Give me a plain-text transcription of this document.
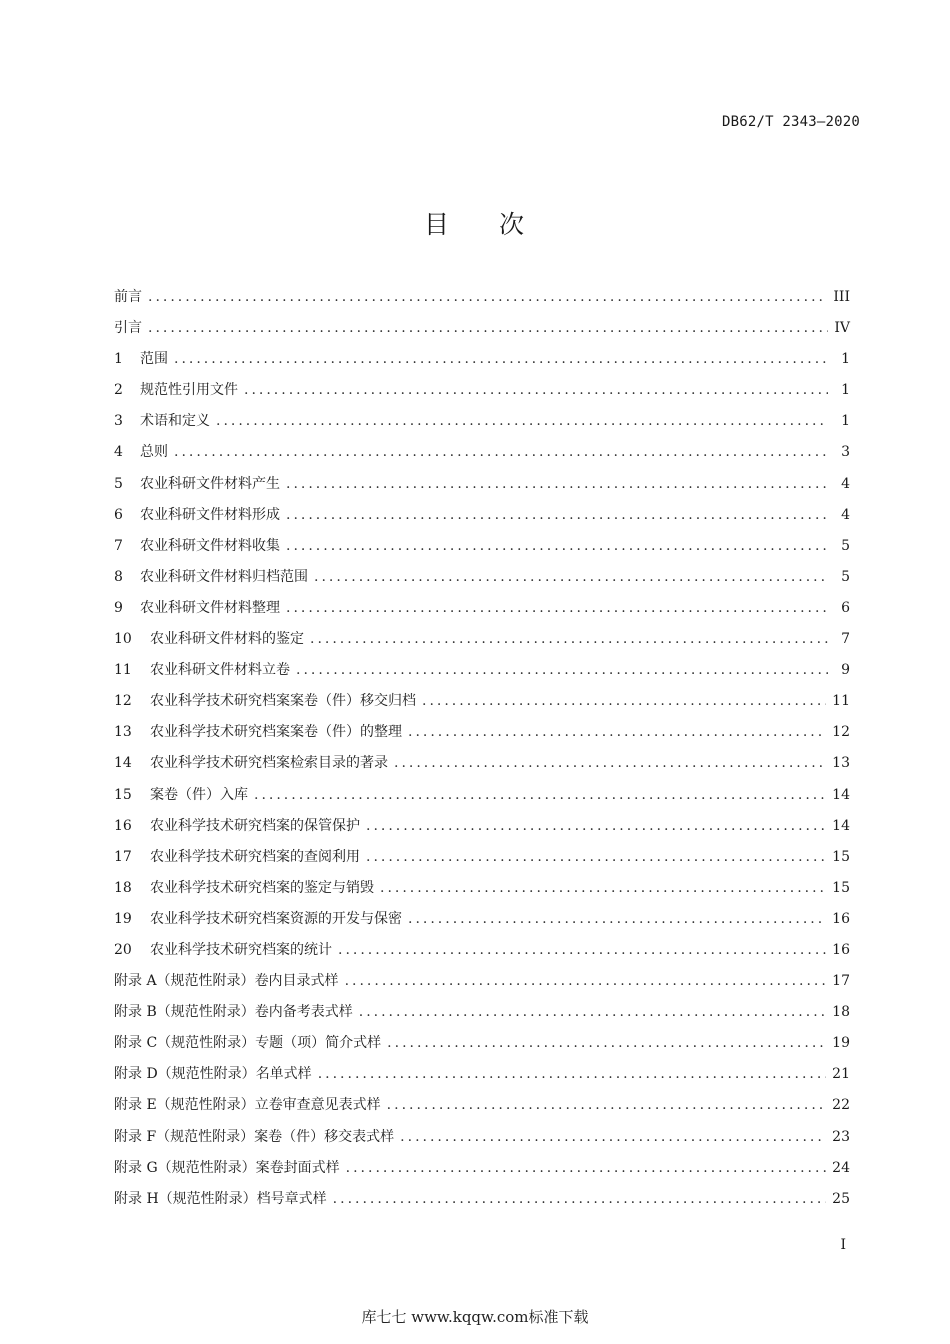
DB62/T 2343—2020
目 次
前言 .....	III
引言 .....	IV
1	范围 .....	1
2	规范性引用文件 .....	1
3	术语和定义 .....	1
4	总则 .....	3
5	农业科研文件材料产生 .....	4
6	农业科研文件材料形成 .....	4
7	农业科研文件材料收集 .....	5
8	农业科研文件材料归档范围 .....	5
9	农业科研文件材料整理 .....	6
10	农业科研文件材料的鉴定 .....	7
11	农业科研文件材料立卷 .....	9
12	农业科学技术研究档案案卷（件）移交归档 .....	11
13	农业科学技术研究档案案卷（件）的整理 .....	12
14	农业科学技术研究档案检索目录的著录 .....	13
15	案卷（件）入库 .....	14
16	农业科学技术研究档案的保管保护 .....	14
17	农业科学技术研究档案的查阅利用 .....	15
18	农业科学技术研究档案的鉴定与销毁 .....	15
19	农业科学技术研究档案资源的开发与保密 .....	16
20	农业科学技术研究档案的统计 .....	16
附录 A（规范性附录） 卷内目录式样 .....	17
附录 B（规范性附录） 卷内备考表式样 .....	18
附录 C（规范性附录） 专题（项）简介式样 .....	19
附录 D（规范性附录） 名单式样 .....	21
附录 E（规范性附录） 立卷审查意见表式样 .....	22
附录 F（规范性附录） 案卷（件）移交表式样 .....	23
附录 G（规范性附录） 案卷封面式样 .....	24
附录 H（规范性附录） 档号章式样 .....	25
I
库七七 www.kqqw.com标准下载
